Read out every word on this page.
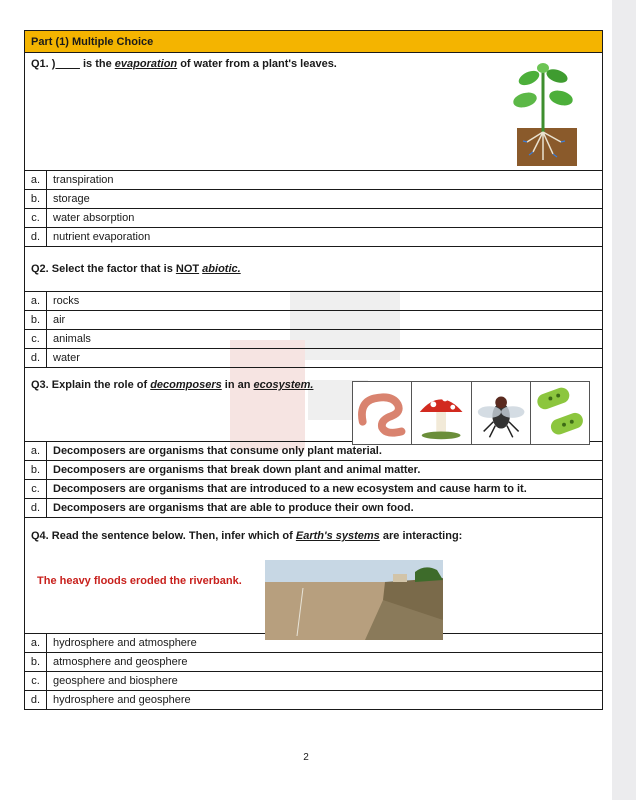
Part (1) Multiple Choice	

Q1. )____ is the evaporation of water from a plant's leaves.	

a.	transpiration
b.	storage
c.	water absorption
d.	nutrient evaporation
Q2. Select the factor that is NOT abiotic.	
a.	rocks
b.	air
c.	animals
d.	water

Q3. Explain the role of decomposers in an ecosystem.	

a.	Decomposers are organisms that consume only plant material.
b.	Decomposers are organisms that break down plant and animal matter.
c.	Decomposers are organisms that are introduced to a new ecosystem and cause harm to it.
d.	Decomposers are organisms that are able to produce their own food.

Q4. Read the sentence below. Then, infer which of Earth's systems are interacting:	

a.	hydrosphere and atmosphere
b.	atmosphere and geosphere
c.	geosphere and biosphere
d.	hydrosphere and geosphere
The heavy floods eroded the riverbank.
2
